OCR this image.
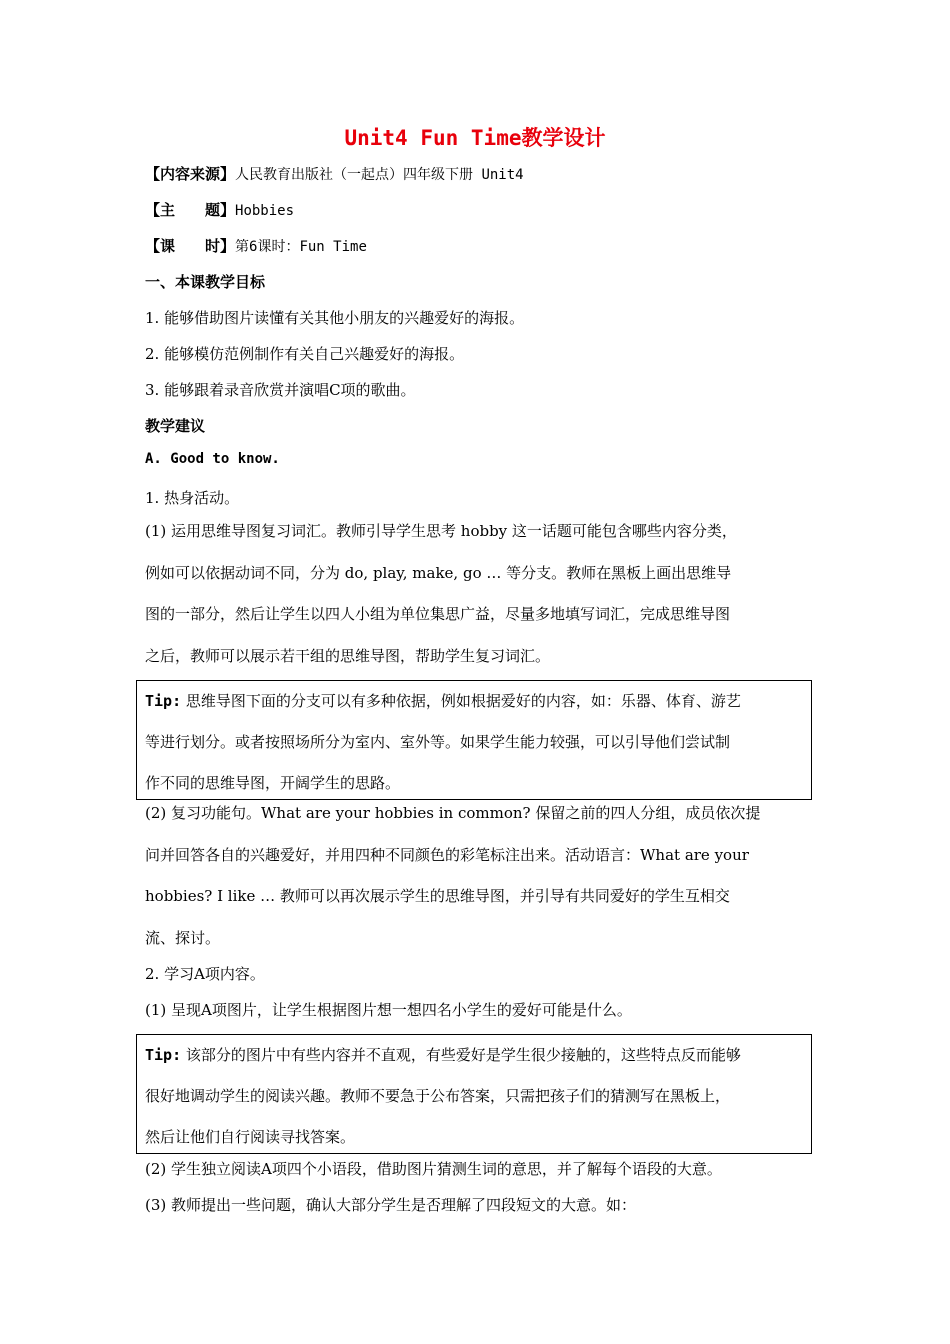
Unit4 Fun Time教学设计
【内容来源】人民教育出版社（一起点）四年级下册 Unit4
【主　　题】Hobbies
【课　　时】第6课时：Fun Time
一、本课教学目标
1. 能够借助图片读懂有关其他小朋友的兴趣爱好的海报。
2. 能够模仿范例制作有关自己兴趣爱好的海报。
3. 能够跟着录音欣赏并演唱C项的歌曲。
教学建议
A. Good to know.
1. 热身活动。
(1) 运用思维导图复习词汇。教师引导学生思考 hobby 这一话题可能包含哪些内容分类，
例如可以依据动词不同，分为 do, play, make, go … 等分支。教师在黑板上画出思维导
图的一部分，然后让学生以四人小组为单位集思广益，尽量多地填写词汇，完成思维导图
之后，教师可以展示若干组的思维导图，帮助学生复习词汇。
Tip: 思维导图下面的分支可以有多种依据，例如根据爱好的内容，如：乐器、体育、游艺
等进行划分。或者按照场所分为室内、室外等。如果学生能力较强，可以引导他们尝试制
作不同的思维导图，开阔学生的思路。
(2) 复习功能句。What are your hobbies in common? 保留之前的四人分组，成员依次提
问并回答各自的兴趣爱好，并用四种不同颜色的彩笔标注出来。活动语言：What are your
hobbies? I like … 教师可以再次展示学生的思维导图，并引导有共同爱好的学生互相交
流、探讨。
2. 学习A项内容。
(1) 呈现A项图片，让学生根据图片想一想四名小学生的爱好可能是什么。
Tip: 该部分的图片中有些内容并不直观，有些爱好是学生很少接触的，这些特点反而能够
很好地调动学生的阅读兴趣。教师不要急于公布答案，只需把孩子们的猜测写在黑板上，
然后让他们自行阅读寻找答案。
(2) 学生独立阅读A项四个小语段，借助图片猜测生词的意思，并了解每个语段的大意。
(3) 教师提出一些问题，确认大部分学生是否理解了四段短文的大意。如：
